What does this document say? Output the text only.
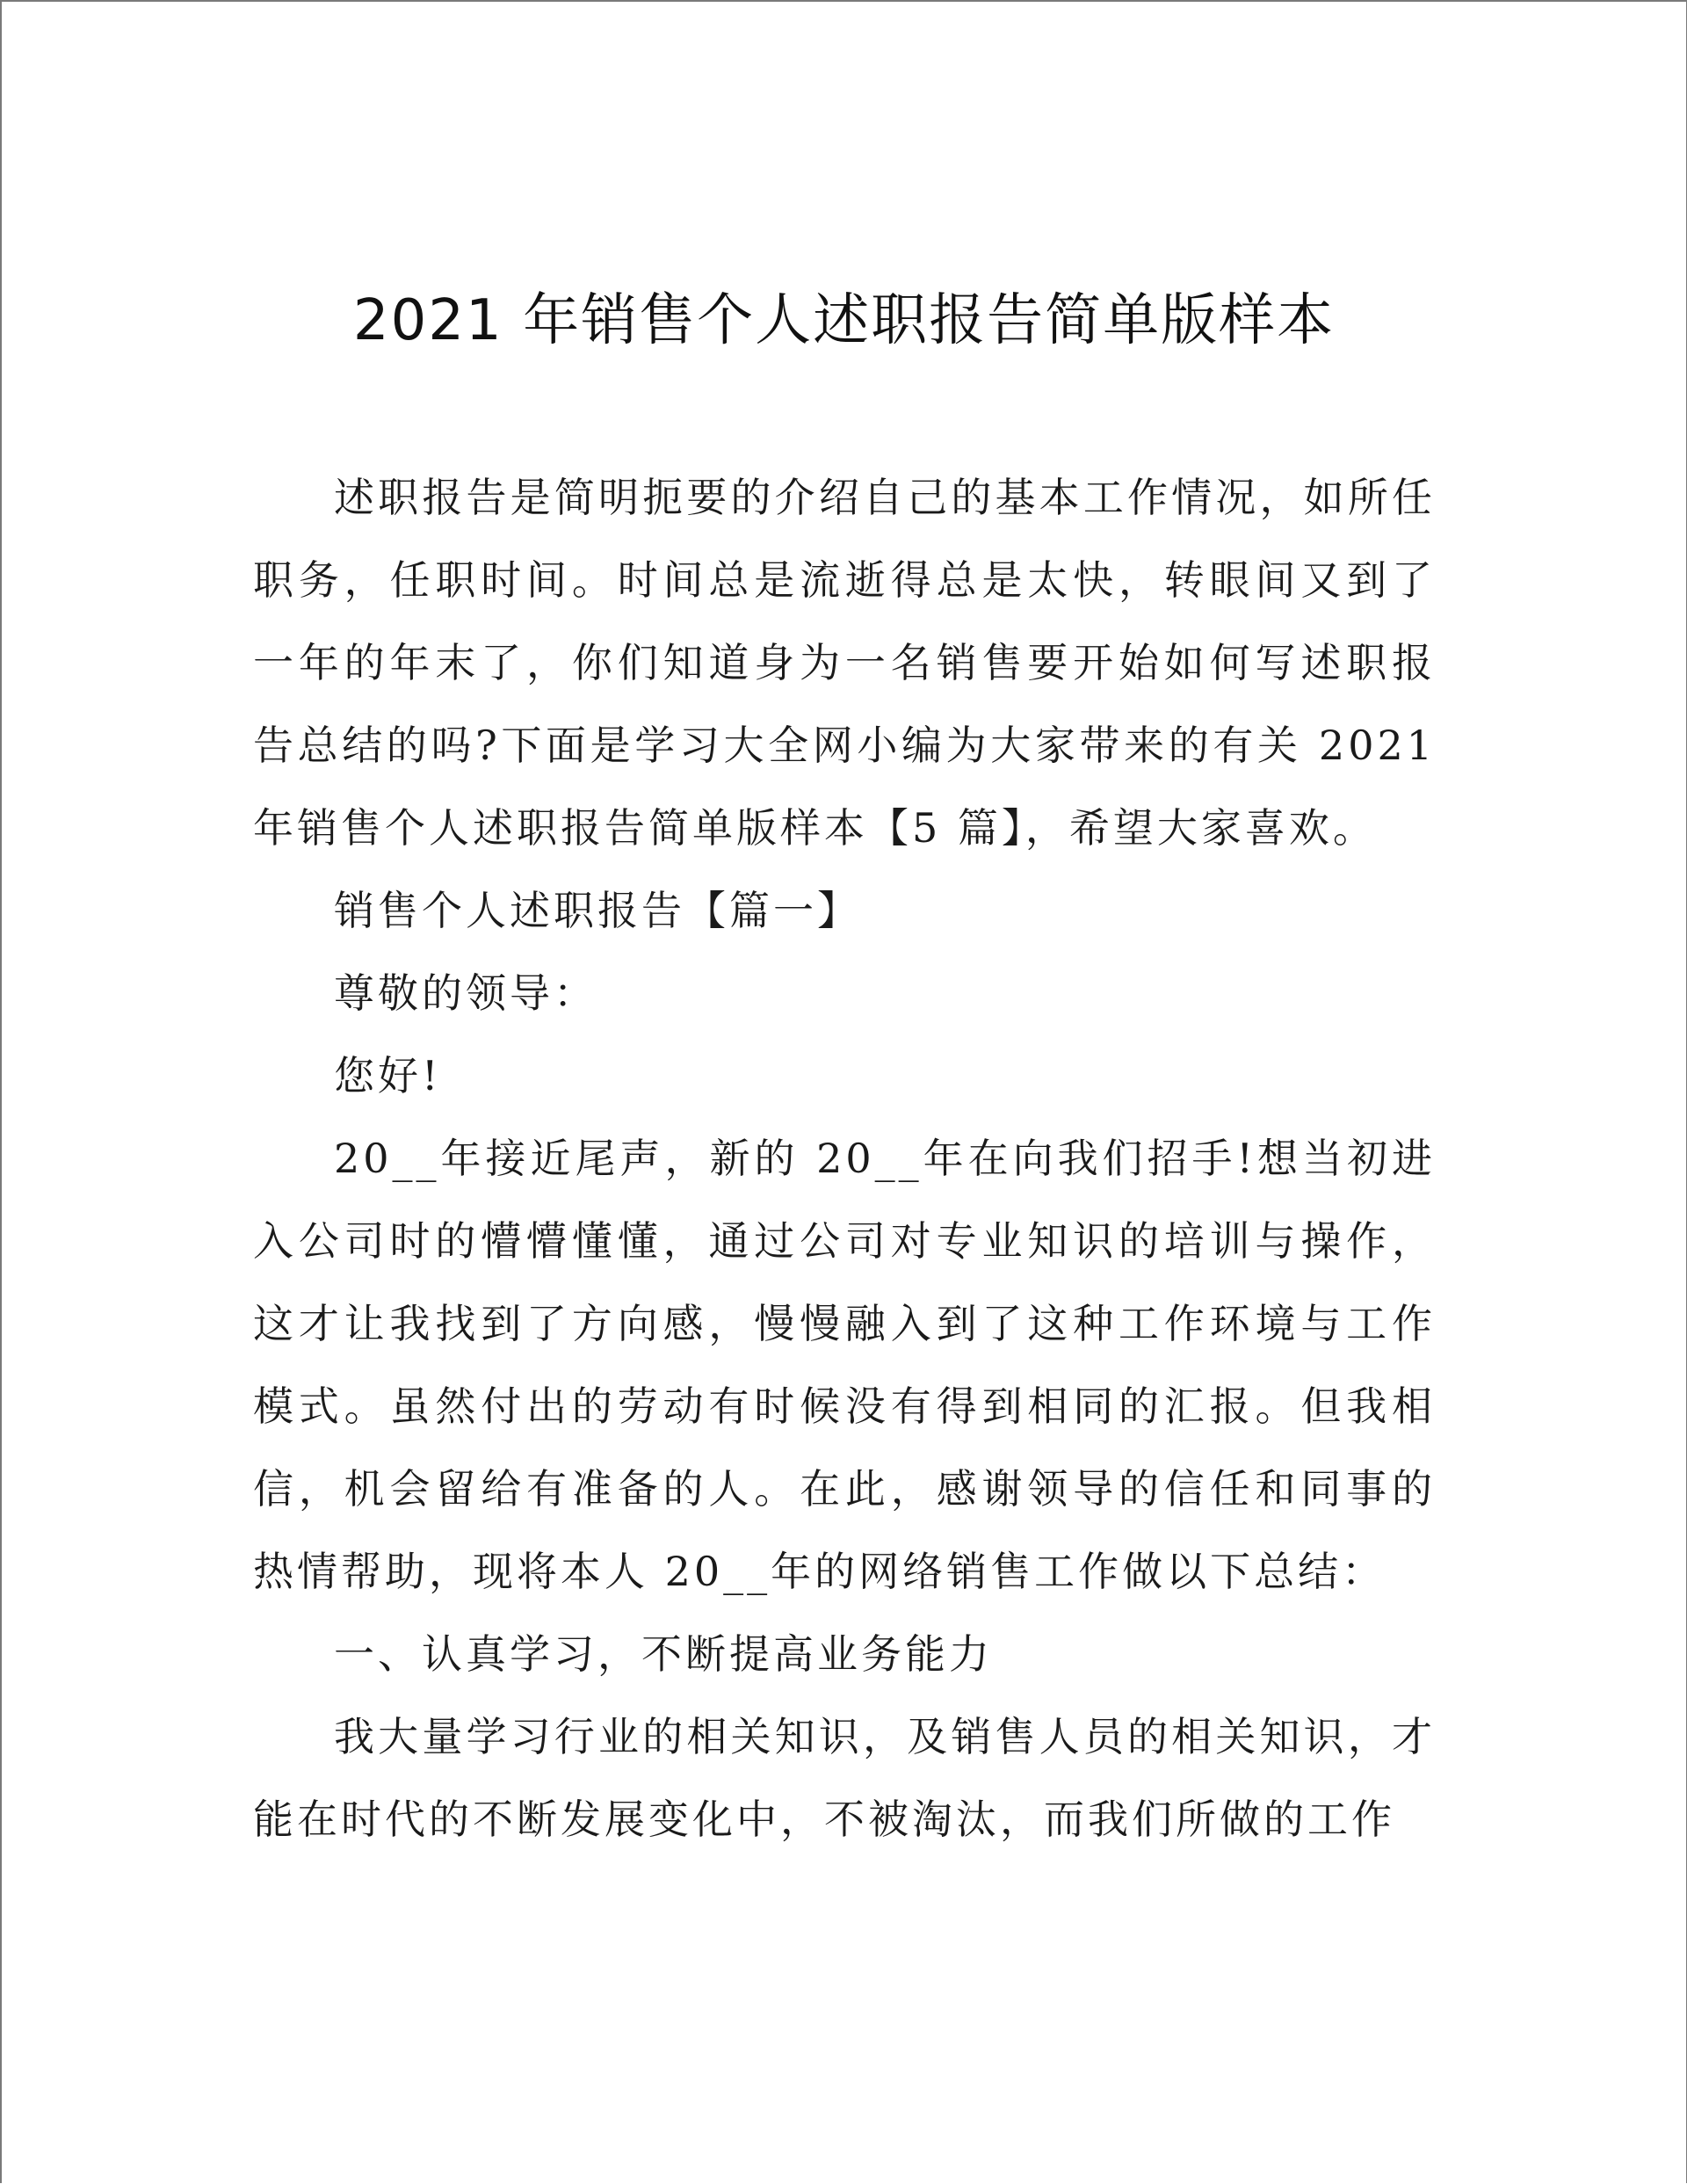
2021 年销售个人述职报告简单版样本

述职报告是简明扼要的介绍自己的基本工作情况，如所任职务，任职时间。时间总是流逝得总是太快，转眼间又到了一年的年末了，你们知道身为一名销售要开始如何写述职报告总结的吗?下面是学习大全网小编为大家带来的有关 2021 年销售个人述职报告简单版样本【5 篇】，希望大家喜欢。

销售个人述职报告【篇一】

尊敬的领导：

您好!

20__年接近尾声，新的 20__年在向我们招手!想当初进入公司时的懵懵懂懂，通过公司对专业知识的培训与操作，这才让我找到了方向感，慢慢融入到了这种工作环境与工作模式。虽然付出的劳动有时候没有得到相同的汇报。但我相信，机会留给有准备的人。在此，感谢领导的信任和同事的热情帮助，现将本人 20__年的网络销售工作做以下总结：

一、认真学习，不断提高业务能力

我大量学习行业的相关知识，及销售人员的相关知识，才能在时代的不断发展变化中，不被淘汰，而我们所做的工作
